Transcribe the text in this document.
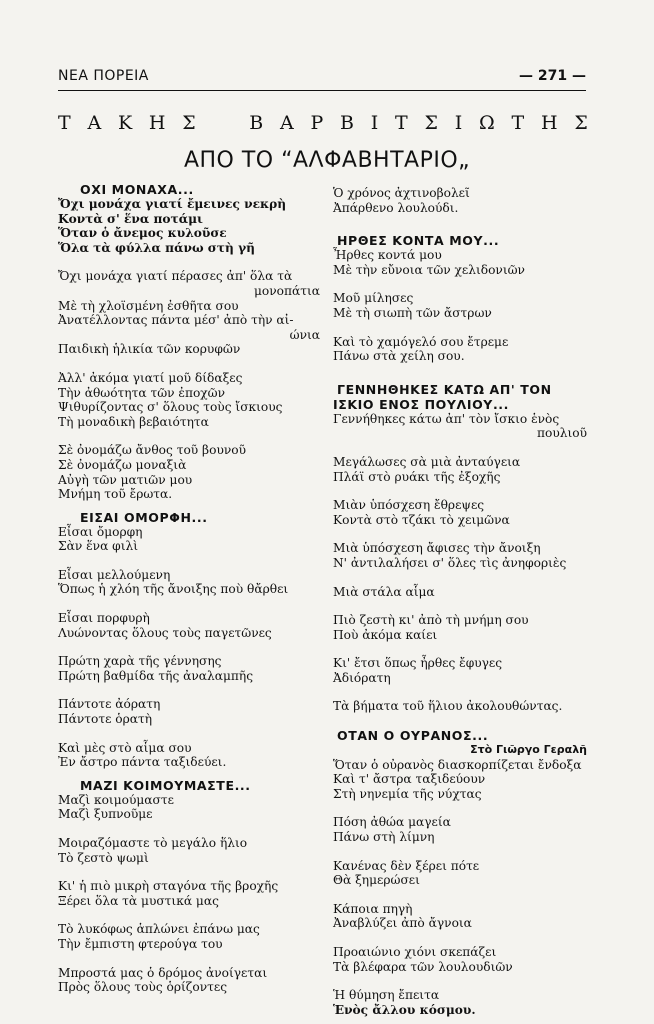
ΝΕΑ ΠΟΡΕΙΑ	— 271 —
Τ Α Κ Η Σ	Β Α Ρ Β Ι Τ Σ Ι Ω Τ Η Σ
ΑΠΟ ΤΟ “ΑΛΦΑΒΗΤΑΡΙΟ„
ΟΧΙ ΜΟΝΑΧΑ...
Ὄχι μονάχα γιατί ἔμεινες νεκρὴ
Κοντὰ σ' ἕνα ποτάμι
Ὅταν ὁ ἄνεμος κυλοῦσε
Ὅλα τὰ φύλλα πάνω στὴ γῆ
Ὄχι μονάχα γιατί πέρασες ἀπ' ὅλα τὰ
μονοπάτια
Μὲ τὴ χλοϊσμένη ἐσθῆτα σου
Ἀνατέλλοντας πάντα μέσ' ἀπὸ τὴν αἰ-
ώνια
Παιδικὴ ἡλικία τῶν κορυφῶν
Ἀλλ' ἀκόμα γιατί μοῦ δίδαξες
Τὴν ἀθωότητα τῶν ἐποχῶν
Ψιθυρίζοντας σ' ὅλους τοὺς ἴσκιους
Τὴ μοναδικὴ βεβαιότητα
Σὲ ὀνομάζω ἄνθος τοῦ βουνοῦ
Σὲ ὀνομάζω μοναξιὰ
Αὐγὴ τῶν ματιῶν μου
Μνήμη τοῦ ἔρωτα.
ΕΙΣΑΙ ΟΜΟΡΦΗ...
Εἶσαι ὄμορφη
Σὰν ἕνα φιλὶ
Εἶσαι μελλούμενη
Ὅπως ἡ χλόη τῆς ἄνοιξης ποὺ θἄρθει
Εἶσαι πορφυρὴ
Λυώνοντας ὅλους τοὺς παγετῶνες
Πρώτη χαρὰ τῆς γέννησης
Πρώτη βαθμίδα τῆς ἀναλαμπῆς
Πάντοτε ἀόρατη
Πάντοτε ὁρατὴ
Καὶ μὲς στὸ αἷμα σου
Ἐν ἄστρο πάντα ταξιδεύει.
ΜΑΖΙ ΚΟΙΜΟΥΜΑΣΤΕ...
Μαζὶ κοιμούμαστε
Μαζὶ ξυπνοῦμε
Μοιραζόμαστε τὸ μεγάλο ἥλιο
Τὸ ζεστὸ ψωμὶ
Κι' ἡ πιὸ μικρὴ σταγόνα τῆς βροχῆς
Ξέρει ὅλα τὰ μυστικά μας
Τὸ λυκόφως ἁπλώνει ἐπάνω μας
Τὴν ἔμπιστη φτερούγα του
Μπροστά μας ὁ δρόμος ἀνοίγεται
Πρὸς ὅλους τοὺς ὁρίζοντες
Ὁ χρόνος ἀχτινοβολεῖ
Ἀπάρθενο λουλούδι.
ΗΡΘΕΣ ΚΟΝΤΑ ΜΟΥ...
Ἦρθες κοντά μου
Μὲ τὴν εὔνοια τῶν χελιδονιῶν
Μοῦ μίλησες
Μὲ τὴ σιωπὴ τῶν ἄστρων
Καὶ τὸ χαμόγελό σου ἔτρεμε
Πάνω στὰ χείλη σου.
ΓΕΝΝΗΘΗΚΕΣ ΚΑΤΩ ΑΠ' ΤΟΝ
ΙΣΚΙΟ ΕΝΟΣ ΠΟΥΛΙΟΥ...
Γεννήθηκες κάτω ἀπ' τὸν ἴσκιο ἑνὸς
πουλιοῦ
Μεγάλωσες σὰ μιὰ ἀνταύγεια
Πλάϊ στὸ ρυάκι τῆς ἐξοχῆς
Μιὰν ὑπόσχεση ἔθρεψες
Κοντὰ στὸ τζάκι τὸ χειμῶνα
Μιὰ ὑπόσχεση ἄφισες τὴν ἄνοιξη
Ν' ἀντιλαλήσει σ' ὅλες τὶς ἀνηφοριὲς
Μιὰ στάλα αἷμα
Πιὸ ζεστὴ κι' ἀπὸ τὴ μνήμη σου
Ποὺ ἀκόμα καίει
Κι' ἔτσι ὅπως ἦρθες ἔφυγες
Ἀδιόρατη
Τὰ βήματα τοῦ ἥλιου ἀκολουθώντας.
ΟΤΑΝ Ο ΟΥΡΑΝΟΣ...
Στὸ Γιῶργο Γεραλῆ
Ὅταν ὁ οὐρανὸς διασκορπίζεται ἔνδοξα
Καὶ τ' ἄστρα ταξιδεύουν
Στὴ νηνεμία τῆς νύχτας
Πόση ἀθώα μαγεία
Πάνω στὴ λίμνη
Κανένας δὲν ξέρει πότε
Θὰ ξημερώσει
Κάποια πηγὴ
Ἀναβλύζει ἀπὸ ἄγνοια
Προαιώνιο χιόνι σκεπάζει
Τὰ βλέφαρα τῶν λουλουδιῶν
Ἡ θύμηση ἔπειτα
Ἑνὸς ἄλλου κόσμου.
